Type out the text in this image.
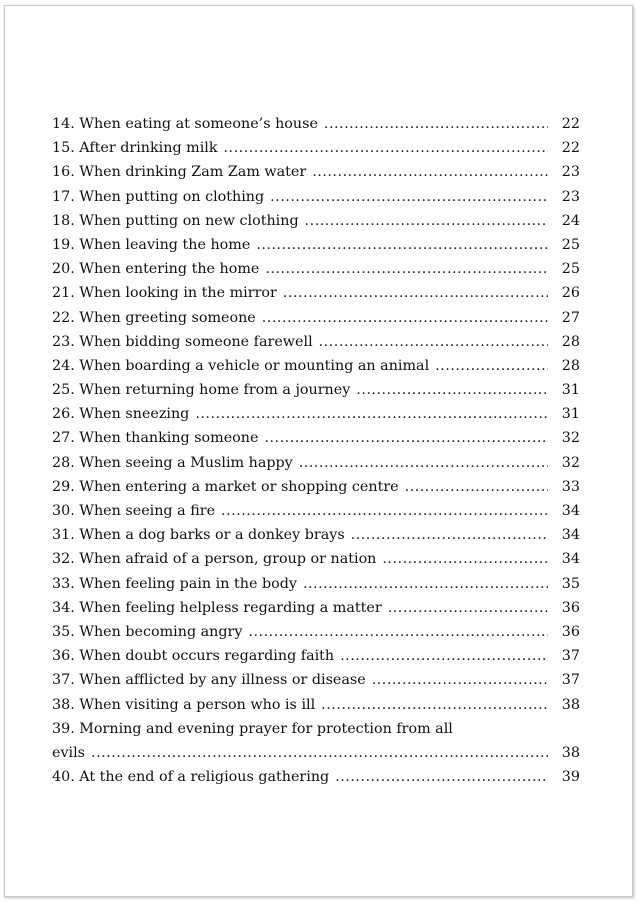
14. When eating at someone’s house .....	22
15. After drinking milk .....	22
16. When drinking Zam Zam water .....	23
17. When putting on clothing .....	23
18. When putting on new clothing .....	24
19. When leaving the home .....	25
20. When entering the home .....	25
21. When looking in the mirror .....	26
22. When greeting someone .....	27
23. When bidding someone farewell .....	28
24. When boarding a vehicle or mounting an animal .....	28
25. When returning home from a journey .....	31
26. When sneezing .....	31
27. When thanking someone .....	32
28. When seeing a Muslim happy .....	32
29. When entering a market or shopping centre .....	33
30. When seeing a fire .....	34
31. When a dog barks or a donkey brays .....	34
32. When afraid of a person, group or nation .....	34
33. When feeling pain in the body .....	35
34. When feeling helpless regarding a matter .....	36
35. When becoming angry .....	36
36. When doubt occurs regarding faith .....	37
37. When afflicted by any illness or disease .....	37
38. When visiting a person who is ill .....	38
39. Morning and evening prayer for protection from all
evils .....	38
40. At the end of a religious gathering .....	39
